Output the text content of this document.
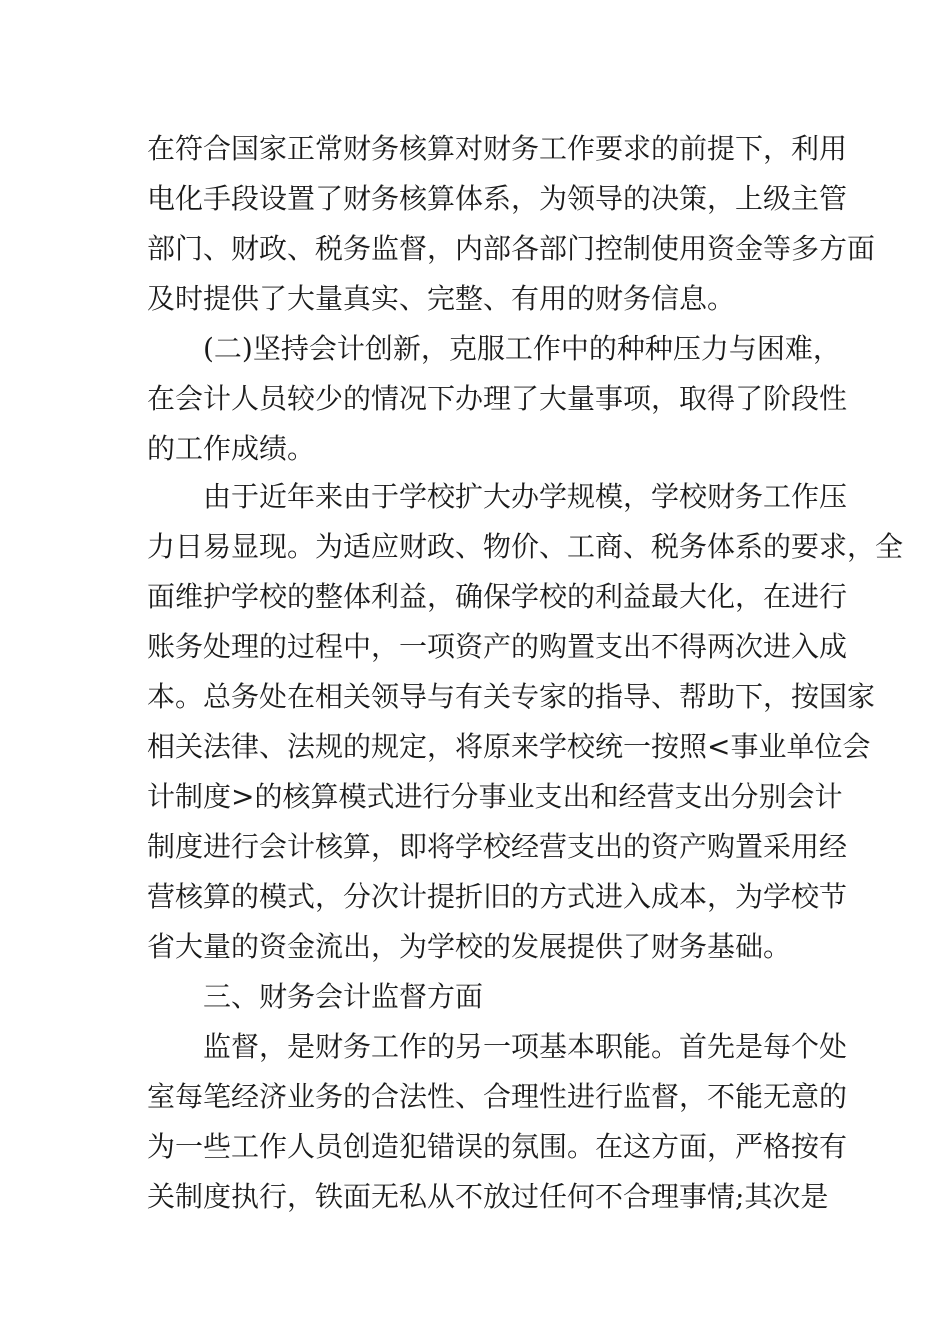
在符合国家正常财务核算对财务工作要求的前提下，利用
电化手段设置了财务核算体系，为领导的决策，上级主管
部门、财政、税务监督，内部各部门控制使用资金等多方面
及时提供了大量真实、完整、有用的财务信息。
(二)坚持会计创新，克服工作中的种种压力与困难，
在会计人员较少的情况下办理了大量事项，取得了阶段性
的工作成绩。
由于近年来由于学校扩大办学规模，学校财务工作压
力日易显现。为适应财政、物价、工商、税务体系的要求，全
面维护学校的整体利益，确保学校的利益最大化，在进行
账务处理的过程中，一项资产的购置支出不得两次进入成
本。总务处在相关领导与有关专家的指导、帮助下，按国家
相关法律、法规的规定，将原来学校统一按照<事业单位会
计制度>的核算模式进行分事业支出和经营支出分别会计
制度进行会计核算，即将学校经营支出的资产购置采用经
营核算的模式，分次计提折旧的方式进入成本，为学校节
省大量的资金流出，为学校的发展提供了财务基础。
三、财务会计监督方面
监督，是财务工作的另一项基本职能。首先是每个处
室每笔经济业务的合法性、合理性进行监督，不能无意的
为一些工作人员创造犯错误的氛围。在这方面，严格按有
关制度执行，铁面无私从不放过任何不合理事情;其次是
